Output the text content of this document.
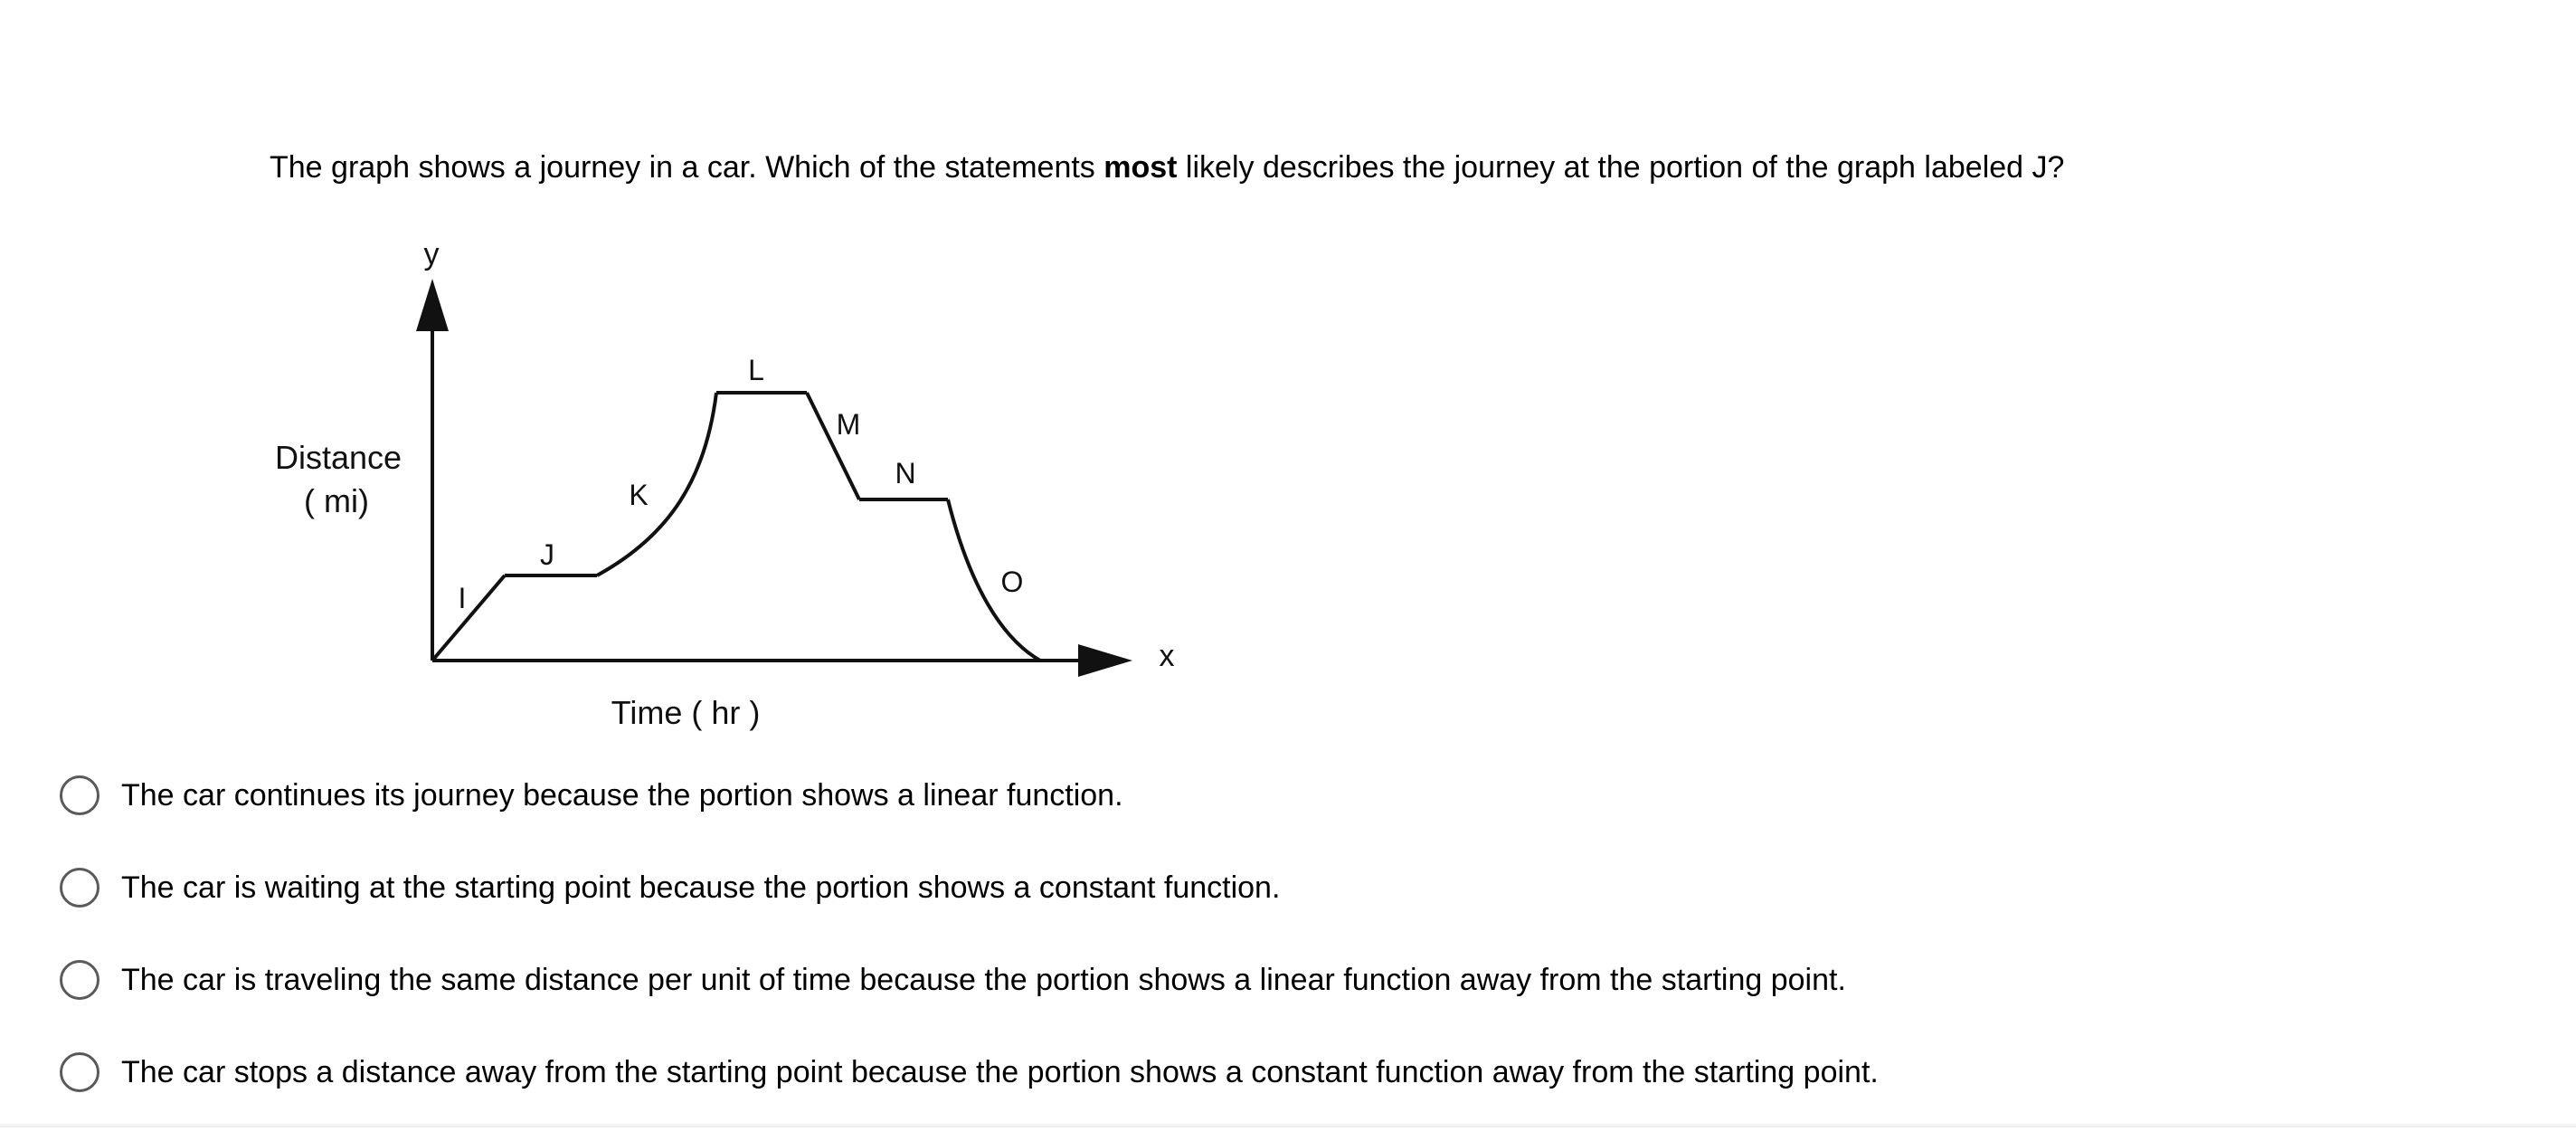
The graph shows a journey in a car. Which of the statements most likely describes the journey at the portion of the graph labeled J?
y
x
Distance
( mi)
Time ( hr )
I
J
K
L
M
N
O
The car continues its journey because the portion shows a linear function.
The car is waiting at the starting point because the portion shows a constant function.
The car is traveling the same distance per unit of time because the portion shows a linear function away from the starting point.
The car stops a distance away from the starting point because the portion shows a constant function away from the starting point.
